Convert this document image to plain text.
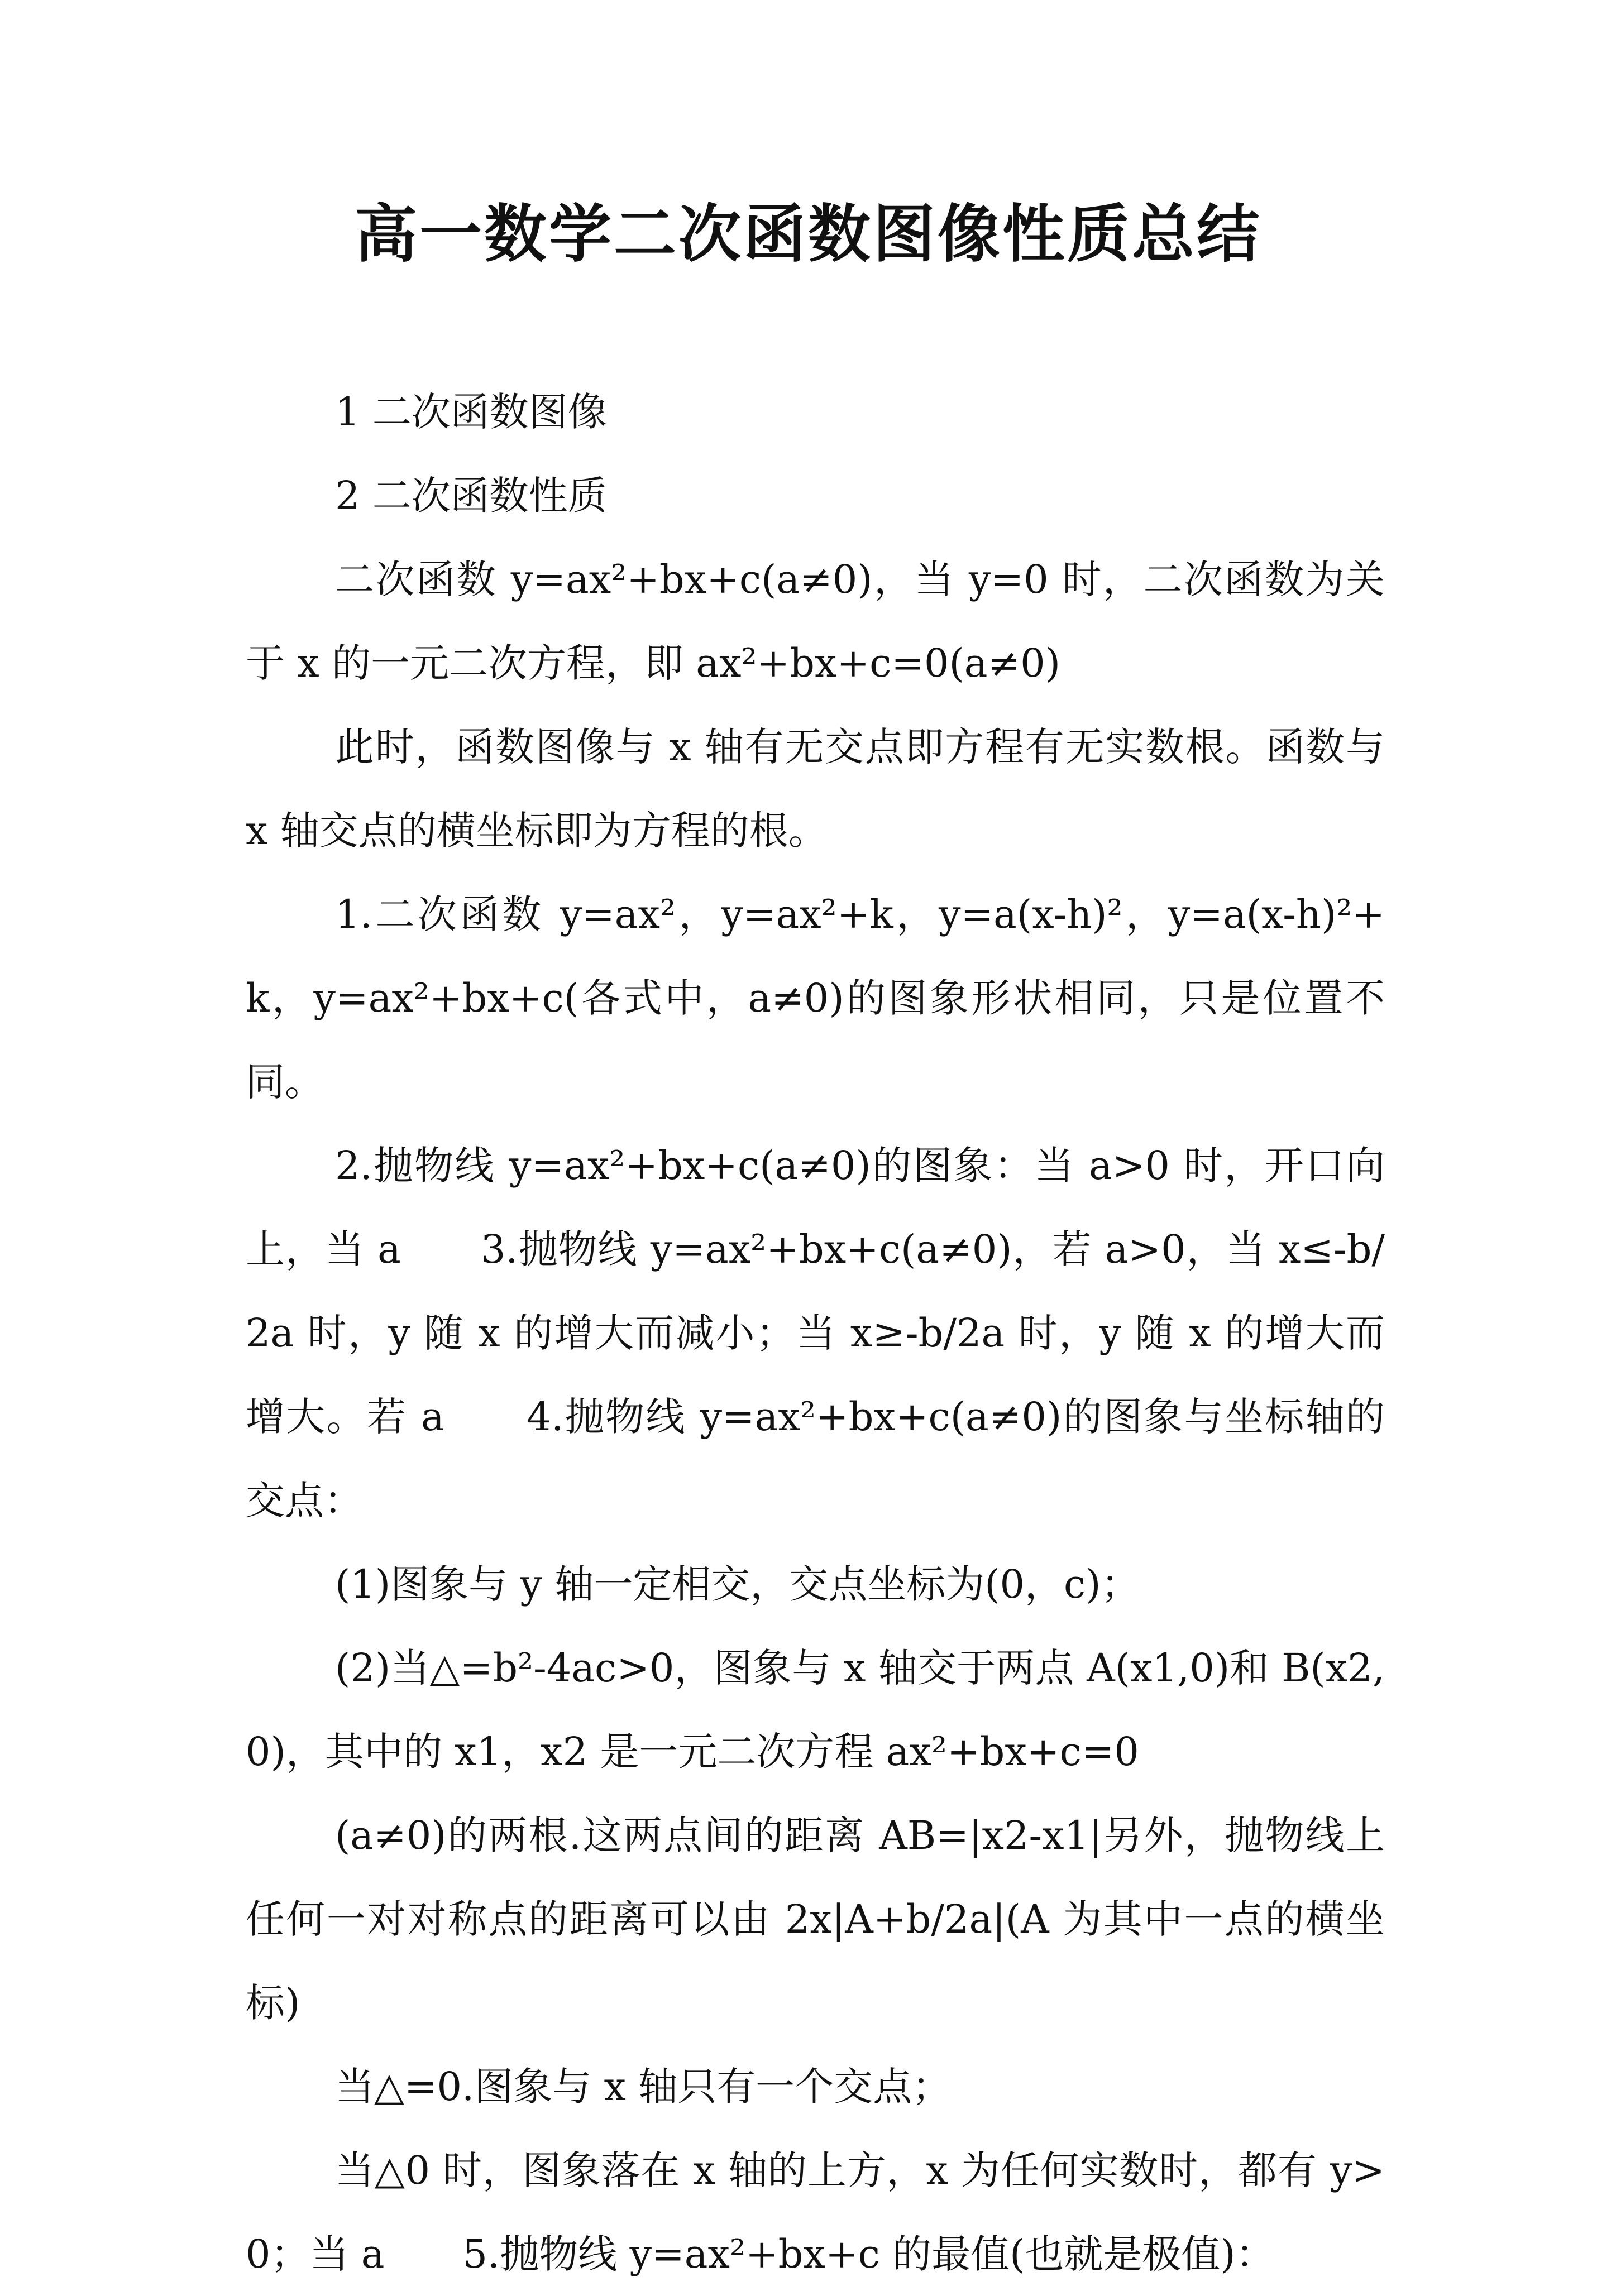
高一数学二次函数图像性质总结

1 二次函数图像

2 二次函数性质

二次函数 y=ax²+bx+c(a≠0)，当 y=0 时，二次函数为关于 x 的一元二次方程，即 ax²+bx+c=0(a≠0)

此时，函数图像与 x 轴有无交点即方程有无实数根。函数与 x 轴交点的横坐标即为方程的根。

1.二次函数 y=ax²，y=ax²+k，y=a(x-h)²，y=a(x-h)²+k，y=ax²+bx+c(各式中，a≠0)的图象形状相同，只是位置不同。

2.抛物线 y=ax²+bx+c(a≠0)的图象：当 a>0 时，开口向上，当 a　　3.抛物线 y=ax²+bx+c(a≠0)，若 a>0，当 x≤-b/2a 时，y 随 x 的增大而减小；当 x≥-b/2a 时，y 随 x 的增大而增大。若 a　　4.抛物线 y=ax²+bx+c(a≠0)的图象与坐标轴的交点：

(1)图象与 y 轴一定相交，交点坐标为(0，c)；

(2)当△=b²-4ac>0，图象与 x 轴交于两点 A(x1,0)和 B(x2,0)，其中的 x1，x2 是一元二次方程 ax²+bx+c=0

(a≠0)的两根.这两点间的距离 AB=|x2-x1|另外，抛物线上任何一对对称点的距离可以由 2x|A+b/2a|(A 为其中一点的横坐标)

当△=0.图象与 x 轴只有一个交点；

当△0 时，图象落在 x 轴的上方，x 为任何实数时，都有 y>0；当 a　　5.抛物线 y=ax²+bx+c 的最值(也就是极值)：
